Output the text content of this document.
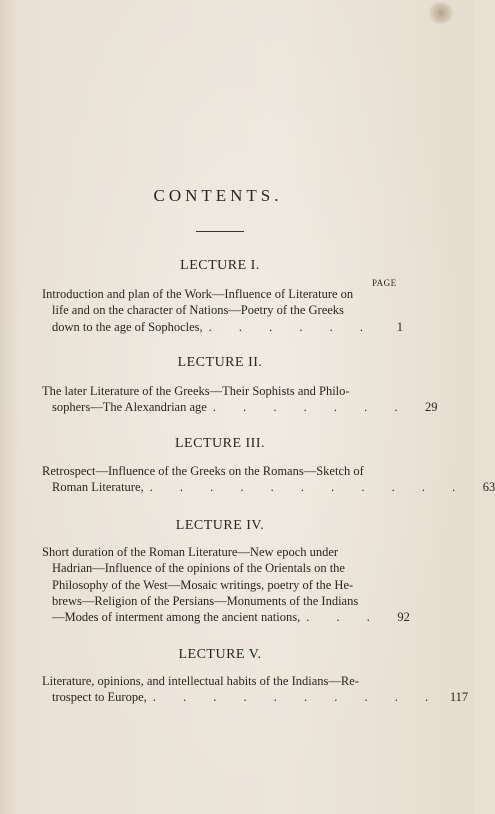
CONTENTS.
LECTURE I.
PAGE
Introduction and plan of the Work—Influence of Literature on
life and on the character of Nations—Poetry of the Greeks
down to the age of Sophocles, . . . . . .	1
LECTURE II.
The later Literature of the Greeks—Their Sophists and Philo-
sophers—The Alexandrian age . . . . . . .	29
LECTURE III.
Retrospect—Influence of the Greeks on the Romans—Sketch of
Roman Literature, . . . . . . . . . . .	63
LECTURE IV.
Short duration of the Roman Literature—New epoch under
Hadrian—Influence of the opinions of the Orientals on the
Philosophy of the West—Mosaic writings, poetry of the He-
brews—Religion of the Persians—Monuments of the Indians
—Modes of interment among the ancient nations, . . .	92
LECTURE V.
Literature, opinions, and intellectual habits of the Indians—Re-
trospect to Europe, . . . . . . . . . . 117
